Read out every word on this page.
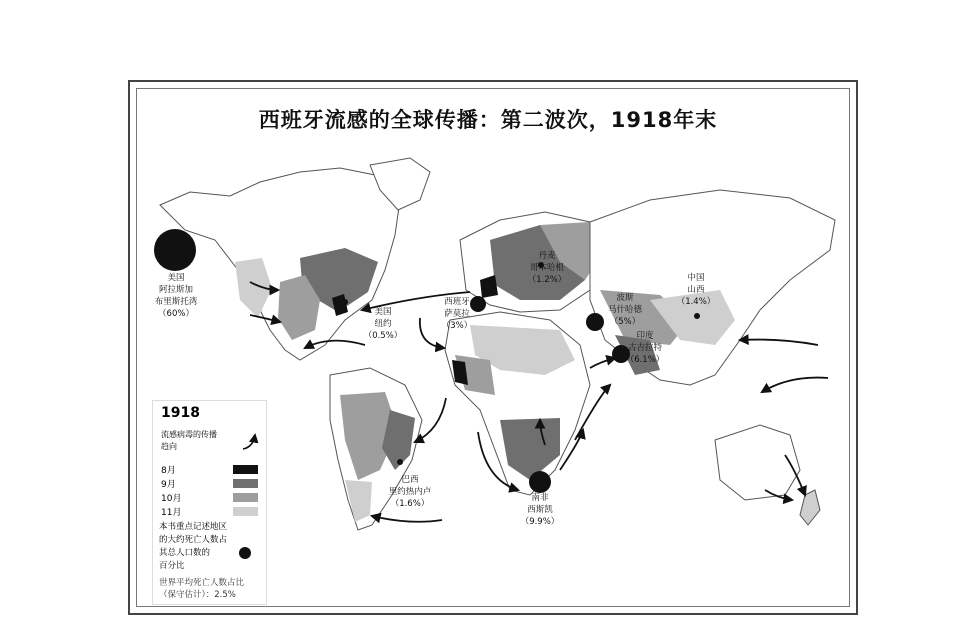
西班牙流感的全球传播：第二波次，1918年末
美国
阿拉斯加
布里斯托湾
（60%）	美国
纽约
（0.5%）
西班牙
萨莫拉
（3%）
丹麦
哥本哈根
（1.2%）
波斯
马什哈德
（5%）
中国
山西
（1.4%）
印度
古吉拉特
（6.1%）
巴西
里约热内卢
（1.6%）
南非
西斯凯
（9.9%）
1918
流感病毒的传播
趋向
8月
9月
10月
11月
本书重点记述地区
的大约死亡人数占
其总人口数的
百分比
世界平均死亡人数占比
（保守估计）：2.5%
